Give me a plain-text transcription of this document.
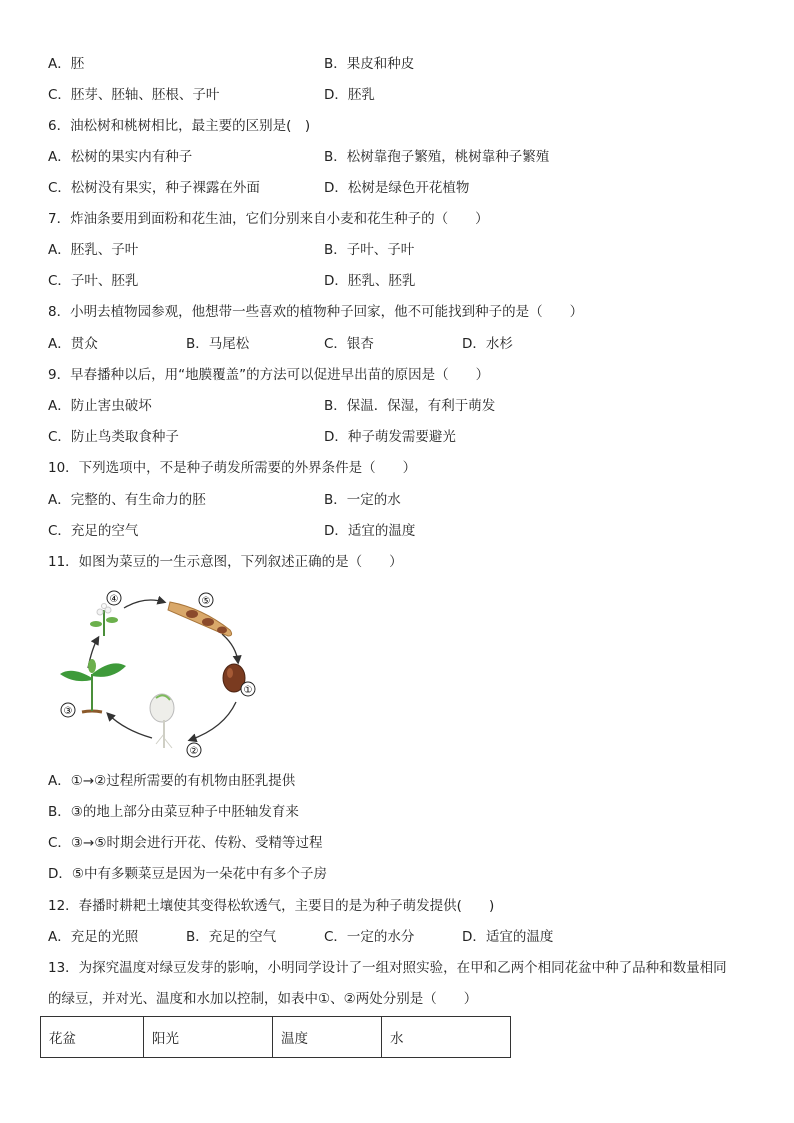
A．胚	B．果皮和种皮
C．胚芽、胚轴、胚根、子叶	D．胚乳
6．油松树和桃树相比，最主要的区别是(　)
A．松树的果实内有种子	B．松树靠孢子繁殖，桃树靠种子繁殖
C．松树没有果实，种子裸露在外面	D．松树是绿色开花植物
7．炸油条要用到面粉和花生油，它们分别来自小麦和花生种子的（　　）
A．胚乳、子叶	B．子叶、子叶
C．子叶、胚乳	D．胚乳、胚乳
8．小明去植物园参观，他想带一些喜欢的植物种子回家，他不可能找到种子的是（　　）
A．贯众	B．马尾松	C．银杏	D．水杉
9．早春播种以后，用“地膜覆盖”的方法可以促进早出苗的原因是（　　）
A．防止害虫破坏	B．保温．保湿，有利于萌发
C．防止鸟类取食种子	D．种子萌发需要避光
10．下列选项中，不是种子萌发所需要的外界条件是（　　）
A．完整的、有生命力的胚	B．一定的水
C．充足的空气	D．适宜的温度
11．如图为菜豆的一生示意图，下列叙述正确的是（　　）
④	⑤
①
②
③
A．①→②过程所需要的有机物由胚乳提供
B．③的地上部分由菜豆种子中胚轴发育来
C．③→⑤时期会进行开花、传粉、受精等过程
D．⑤中有多颗菜豆是因为一朵花中有多个子房
12．春播时耕耙土壤使其变得松软透气，主要目的是为种子萌发提供(　　)
A．充足的光照	B．充足的空气	C．一定的水分	D．适宜的温度
13．为探究温度对绿豆发芽的影响，小明同学设计了一组对照实验，在甲和乙两个相同花盆中种了品种和数量相同
的绿豆，并对光、温度和水加以控制，如表中①、②两处分别是（　　）
花盆	阳光	温度	水
